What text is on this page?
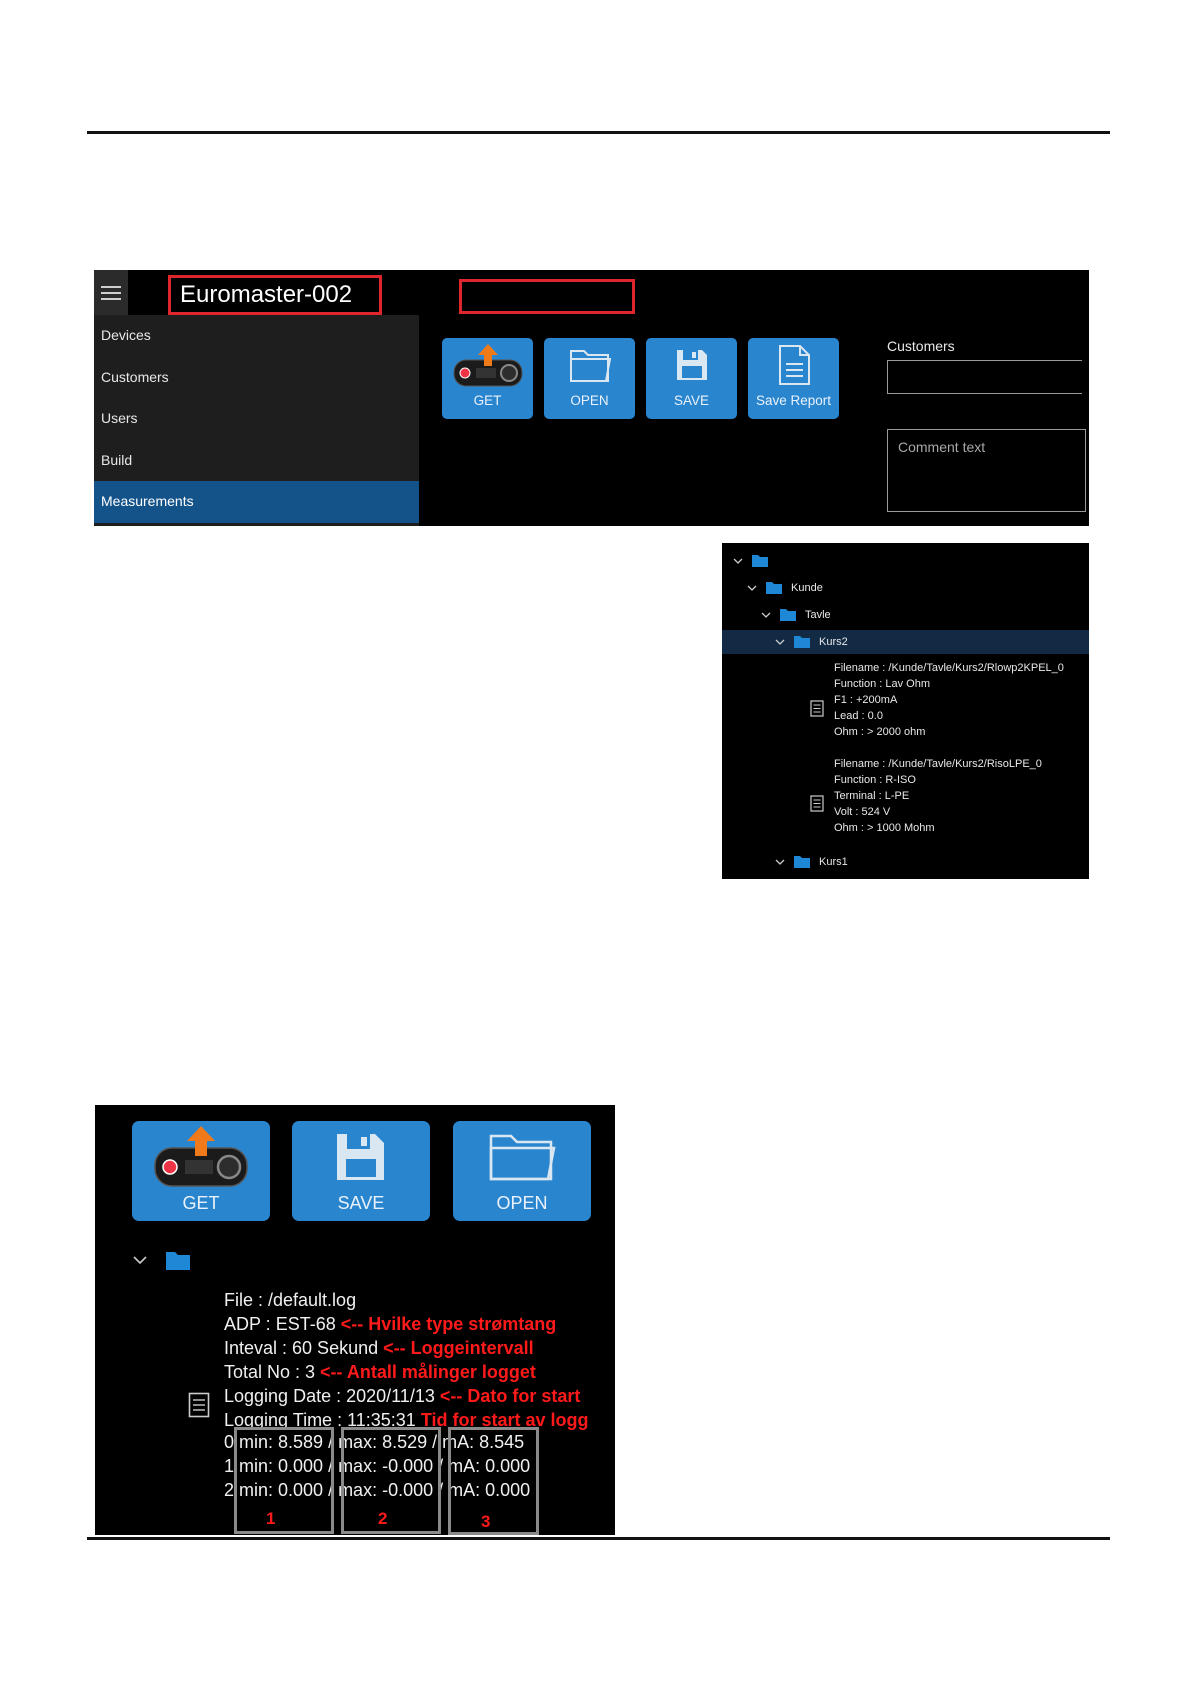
Euromaster-002
Devices
Customers
Users
Build
Measurements
GET	OPEN	SAVE	Save Report
Customers
Comment text
Kunde
Tavle
Kurs2
Filename : /Kunde/Tavle/Kurs2/Rlowp2KPEL_0
Function : Lav Ohm
F1 : +200mA
Lead : 0.0
Ohm : > 2000 ohm
Filename : /Kunde/Tavle/Kurs2/RisoLPE_0
Function : R-ISO
Terminal : L-PE
Volt : 524 V
Ohm : > 1000 Mohm
Kurs1
GET	SAVE	OPEN
File : /default.log
ADP : EST-68 <-- Hvilke type strømtang
Inteval : 60 Sekund <-- Loggeintervall
Total No : 3 <-- Antall målinger logget
Logging Date : 2020/11/13 <-- Dato for start
Logging Time : 11:35:31 Tid for start av logg
0 min: 8.589 / max: 8.529 / mA: 8.545
1 min: 0.000 / max: -0.000 / mA: 0.000
2 min: 0.000 / max: -0.000 / mA: 0.000
1	2	3
